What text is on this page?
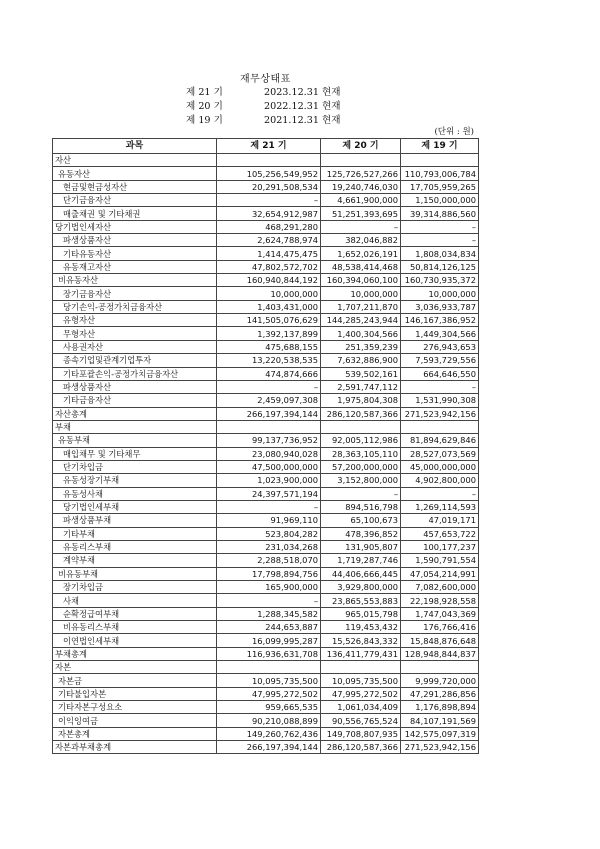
재무상태표
제 21 기	2023.12.31 현재
제 20 기	2022.12.31 현재
제 19 기	2021.12.31 현재
(단위 : 원)
과목	제 21 기	제 20 기	제 19 기
자산			
유동자산	105,256,549,952	125,726,527,266	110,793,006,784
현금및현금성자산	20,291,508,534	19,240,746,030	17,705,959,265
단기금융자산	–	4,661,900,000	1,150,000,000
매출채권 및 기타채권	32,654,912,987	51,251,393,695	39,314,886,560
당기법인세자산	468,291,280	–	–
파생상품자산	2,624,788,974	382,046,882	–
기타유동자산	1,414,475,475	1,652,026,191	1,808,034,834
유동재고자산	47,802,572,702	48,538,414,468	50,814,126,125
비유동자산	160,940,844,192	160,394,060,100	160,730,935,372
장기금융자산	10,000,000	10,000,000	10,000,000
당기손익-공정가치금융자산	1,403,431,000	1,707,211,870	3,036,933,787
유형자산	141,505,076,629	144,285,243,944	146,167,386,952
무형자산	1,392,137,899	1,400,304,566	1,449,304,566
사용권자산	475,688,155	251,359,239	276,943,653
종속기업및관계기업투자	13,220,538,535	7,632,886,900	7,593,729,556
기타포괄손익-공정가치금융자산	474,874,666	539,502,161	664,646,550
파생상품자산	–	2,591,747,112	–
기타금융자산	2,459,097,308	1,975,804,308	1,531,990,308
자산총계	266,197,394,144	286,120,587,366	271,523,942,156
부채			
유동부채	99,137,736,952	92,005,112,986	81,894,629,846
매입채무 및 기타채무	23,080,940,028	28,363,105,110	28,527,073,569
단기차입금	47,500,000,000	57,200,000,000	45,000,000,000
유동성장기부채	1,023,900,000	3,152,800,000	4,902,800,000
유동성사채	24,397,571,194	–	–
당기법인세부채	–	894,516,798	1,269,114,593
파생상품부채	91,969,110	65,100,673	47,019,171
기타부채	523,804,282	478,396,852	457,653,722
유동리스부채	231,034,268	131,905,807	100,177,237
계약부채	2,288,518,070	1,719,287,746	1,590,791,554
비유동부채	17,798,894,756	44,406,666,445	47,054,214,991
장기차입금	165,900,000	3,929,800,000	7,082,600,000
사채	–	23,865,553,883	22,198,928,558
순확정급여부채	1,288,345,582	965,015,798	1,747,043,369
비유동리스부채	244,653,887	119,453,432	176,766,416
이연법인세부채	16,099,995,287	15,526,843,332	15,848,876,648
부채총계	116,936,631,708	136,411,779,431	128,948,844,837
자본			
자본금	10,095,735,500	10,095,735,500	9,999,720,000
기타불입자본	47,995,272,502	47,995,272,502	47,291,286,856
기타자본구성요소	959,665,535	1,061,034,409	1,176,898,894
이익잉여금	90,210,088,899	90,556,765,524	84,107,191,569
자본총계	149,260,762,436	149,708,807,935	142,575,097,319
자본과부채총계	266,197,394,144	286,120,587,366	271,523,942,156
